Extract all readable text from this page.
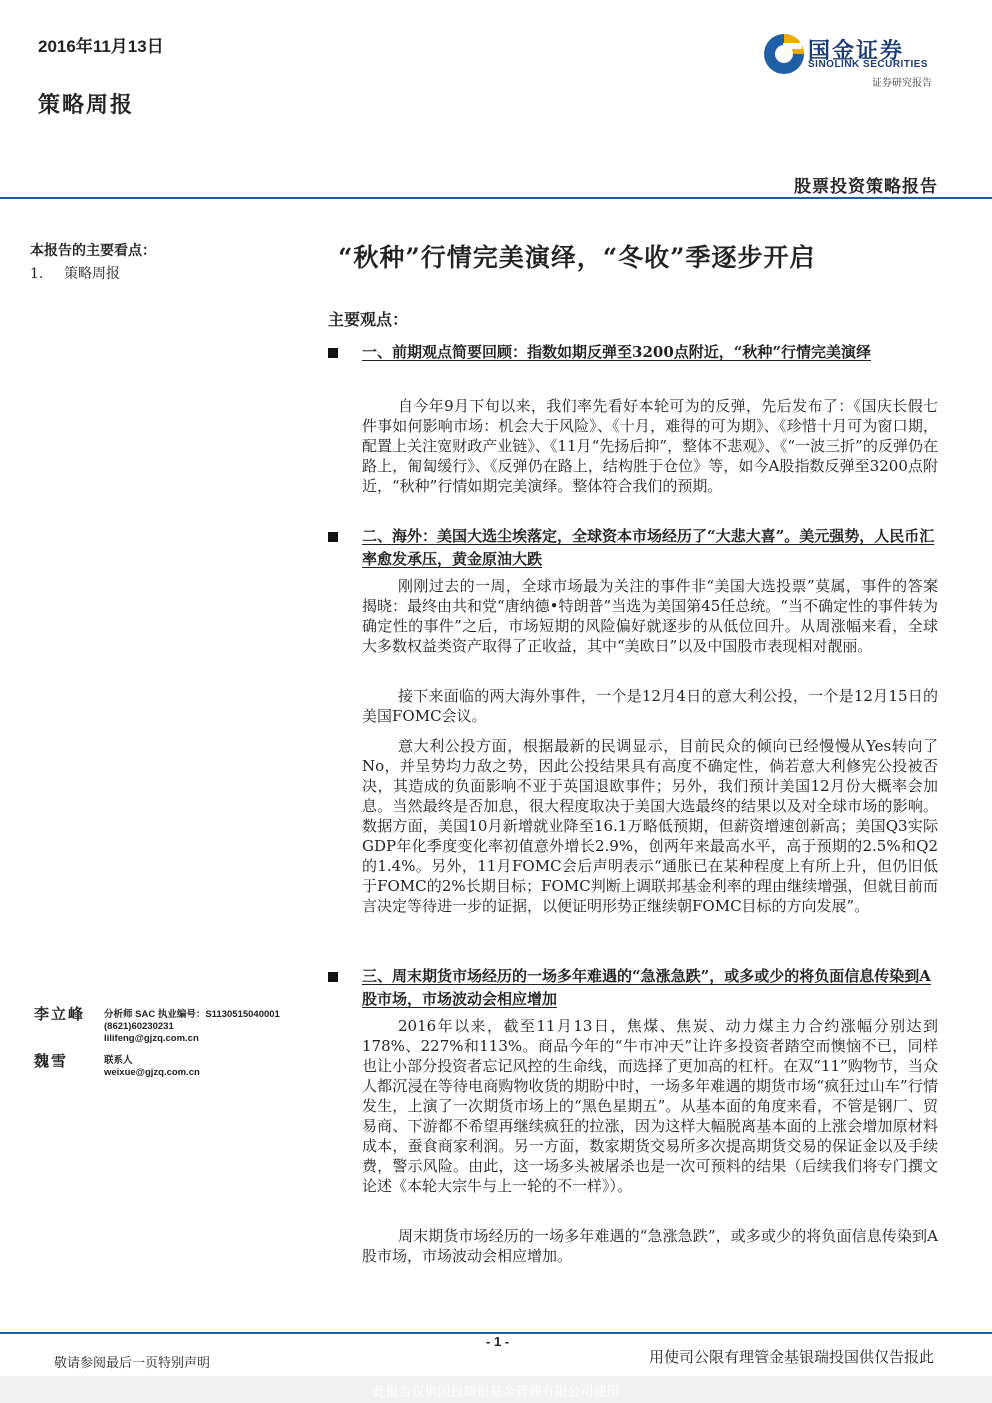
2016年11月13日
策略周报
国金证券
SINOLINK SECURITIES
证券研究报告
股票投资策略报告
本报告的主要看点：
1. 策略周报
“秋种”行情完美演绎，“冬收”季逐步开启
主要观点：
一、前期观点简要回顾：指数如期反弹至3200点附近，“秋种”行情完美演绎
自今年9月下旬以来，我们率先看好本轮可为的反弹，先后发布了：《国庆长假七件事如何影响市场：机会大于风险》、《十月，难得的可为期》、《珍惜十月可为窗口期，配置上关注宽财政产业链》、《11月“先扬后抑”，整体不悲观》、《“一波三折”的反弹仍在路上，匍匐缓行》、《反弹仍在路上，结构胜于仓位》等，如今A股指数反弹至3200点附近，“秋种”行情如期完美演绎。整体符合我们的预期。
二、海外：美国大选尘埃落定，全球资本市场经历了“大悲大喜”。美元强势，人民币汇率愈发承压，黄金原油大跌
刚刚过去的一周，全球市场最为关注的事件非“美国大选投票”莫属，事件的答案揭晓：最终由共和党“唐纳德•特朗普”当选为美国第45任总统。“当不确定性的事件转为确定性的事件”之后，市场短期的风险偏好就逐步的从低位回升。从周涨幅来看，全球大多数权益类资产取得了正收益，其中“美欧日”以及中国股市表现相对靓丽。
接下来面临的两大海外事件，一个是12月4日的意大利公投，一个是12月15日的美国FOMC会议。
意大利公投方面，根据最新的民调显示，目前民众的倾向已经慢慢从Yes转向了No，并呈势均力敌之势，因此公投结果具有高度不确定性，倘若意大利修宪公投被否决，其造成的负面影响不亚于英国退欧事件；另外，我们预计美国12月份大概率会加息。当然最终是否加息，很大程度取决于美国大选最终的结果以及对全球市场的影响。数据方面，美国10月新增就业降至16.1万略低预期，但薪资增速创新高；美国Q3实际GDP年化季度变化率初值意外增长2.9%，创两年来最高水平，高于预期的2.5%和Q2的1.4%。另外，11月FOMC会后声明表示“通胀已在某种程度上有所上升，但仍旧低于FOMC的2%长期目标；FOMC判断上调联邦基金利率的理由继续增强，但就目前而言决定等待进一步的证据，以便证明形势正继续朝FOMC目标的方向发展”。
三、周末期货市场经历的一场多年难遇的“急涨急跌”，或多或少的将负面信息传染到A股市场，市场波动会相应增加
2016年以来，截至11月13日，焦煤、焦炭、动力煤主力合约涨幅分别达到178%、227%和113%。商品今年的“牛市冲天”让许多投资者踏空而懊恼不已，同样也让小部分投资者忘记风控的生命线，而选择了更加高的杠杆。在双“11”购物节，当众人都沉浸在等待电商购物收货的期盼中时，一场多年难遇的期货市场“疯狂过山车”行情发生，上演了一次期货市场上的“黑色星期五”。从基本面的角度来看，不管是钢厂、贸易商、下游都不希望再继续疯狂的拉涨，因为这样大幅脱离基本面的上涨会增加原材料成本，蚕食商家利润。另一方面，数家期货交易所多次提高期货交易的保证金以及手续费，警示风险。由此，这一场多头被屠杀也是一次可预料的结果（后续我们将专门撰文论述《本轮大宗牛与上一轮的不一样》）。
周末期货市场经历的一场多年难遇的“急涨急跌”，或多或少的将负面信息传染到A股市场，市场波动会相应增加。
李立峰 分析师 SAC 执业编号：S1130515040001
(8621)60230231
lilifeng@gjzq.com.cn
魏雪	联系人
weixue@gjzq.com.cn
- 1 -
敬请参阅最后一页特别声明	用使司公限有理管金基银瑞投国供仅告报此
此报告仅供国投瑞银基金管理有限公司使用
